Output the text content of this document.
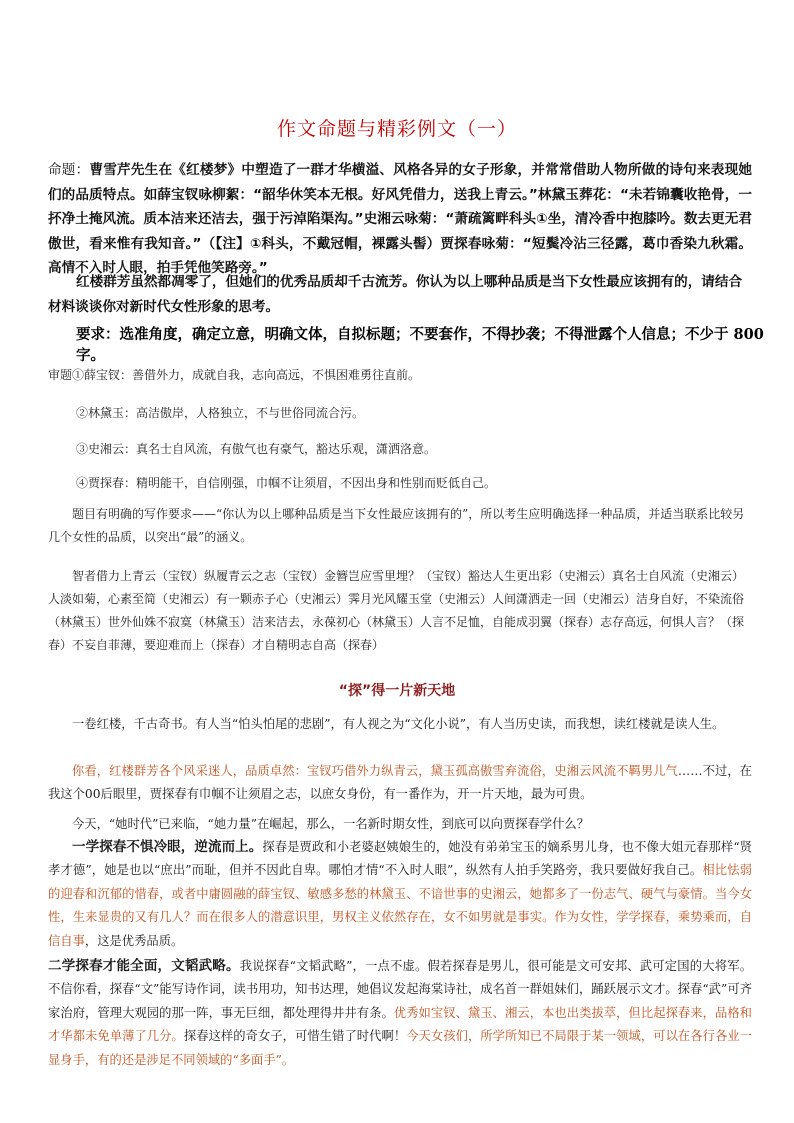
作文命题与精彩例文（一）
命题：曹雪芹先生在《红楼梦》中塑造了一群才华横溢、风格各异的女子形象，并常常借助人物所做的诗句来表现她们的品质特点。如薛宝钗咏柳絮：“韶华休笑本无根。好风凭借力，送我上青云。”林黛玉葬花：“未若锦囊收艳骨，一抔净土掩风流。质本洁来还洁去，强于污淖陷渠沟。”史湘云咏菊：“萧疏篱畔科头①坐，清冷香中抱膝吟。数去更无君傲世，看来惟有我知音。”（【注】①科头，不戴冠帽，裸露头髻）贾探春咏菊：“短鬓冷沾三径露，葛巾香染九秋霜。高情不入时人眼，拍手凭他笑路旁。”
红楼群芳虽然都凋零了，但她们的优秀品质却千古流芳。你认为以上哪种品质是当下女性最应该拥有的，请结合材料谈谈你对新时代女性形象的思考。
要求：选准角度，确定立意，明确文体，自拟标题；不要套作，不得抄袭；不得泄露个人信息；不少于 800 字。
审题①薛宝钗：善借外力，成就自我，志向高远，不惧困难勇往直前。
②林黛玉：高洁傲岸，人格独立，不与世俗同流合污。
③史湘云：真名士自风流，有傲气也有豪气，豁达乐观，潇洒洛意。
④贾探春：精明能干，自信刚强，巾帼不让须眉，不因出身和性别而贬低自己。
题目有明确的写作要求——“你认为以上哪种品质是当下女性最应该拥有的”，所以考生应明确选择一种品质，并适当联系比较另几个女性的品质，以突出“最”的涵义。
智者借力上青云（宝钗）纵履青云之志（宝钗）金簪岂应雪里埋？（宝钗）豁达人生更出彩（史湘云）真名士自风流（史湘云）人淡如菊，心素至简（史湘云）有一颗赤子心（史湘云）霁月光风耀玉堂（史湘云）人间潇洒走一回（史湘云）洁身自好，不染流俗（林黛玉）世外仙姝不寂寞（林黛玉）洁来洁去，永葆初心（林黛玉）人言不足恤，自能成羽翼（探春）志存高远，何惧人言？（探春）不妄自菲薄，要迎难而上（探春）才自精明志自高（探春）
“探”得一片新天地
一卷红楼，千古奇书。有人当“怕头怕尾的悲剧”，有人视之为“文化小说”，有人当历史读，而我想，读红楼就是读人生。
你看，红楼群芳各个风采迷人，品质卓然：宝钗巧借外力纵青云，黛玉孤高傲雪弃流俗，史湘云风流不羁男儿气……不过，在我这个00后眼里，贾探春有巾帼不让须眉之志，以庶女身份，有一番作为，开一片天地，最为可贵。
今天，“她时代”已来临，“她力量”在崛起，那么，一名新时期女性，到底可以向贾探春学什么？
一学探春不惧冷眼，逆流而上。探春是贾政和小老婆赵姨娘生的，她没有弟弟宝玉的嫡系男儿身，也不像大姐元春那样“贤孝才德”，她是也以“庶出”而耻，但并不因此自卑。哪怕才情“不入时人眼”，纵然有人拍手笑路旁，我只要做好我自己。相比怯弱的迎春和沉郁的惜春，或者中庸圆融的薛宝钗、敏感多愁的林黛玉、不谙世事的史湘云，她都多了一份志气、硬气与豪情。当今女性，生来显贵的又有几人？而在很多人的潜意识里，男权主义依然存在，女不如男就是事实。作为女性，学学探春，乘势乘而，自信自事，这是优秀品质。
二学探春才能全面，文韬武略。我说探春“文韬武略”，一点不虚。假若探春是男儿，很可能是文可安邦、武可定国的大将军。不信你看，探春“文”能写诗作词，读书用功，知书达理，她倡议发起海棠诗社，成名首一群姐妹们，踊跃展示文才。探春“武”可齐家治府，管理大观园的那一阵，事无巨细，都处理得井井有条。优秀如宝钗、黛玉、湘云，本也出类拔萃，但比起探春来，品格和才华都未免单薄了几分。探春这样的奇女子，可惜生错了时代啊！今天女孩们，所学所知已不局限于某一领域，可以在各行各业一显身手，有的还是涉足不同领域的“多面手”。
